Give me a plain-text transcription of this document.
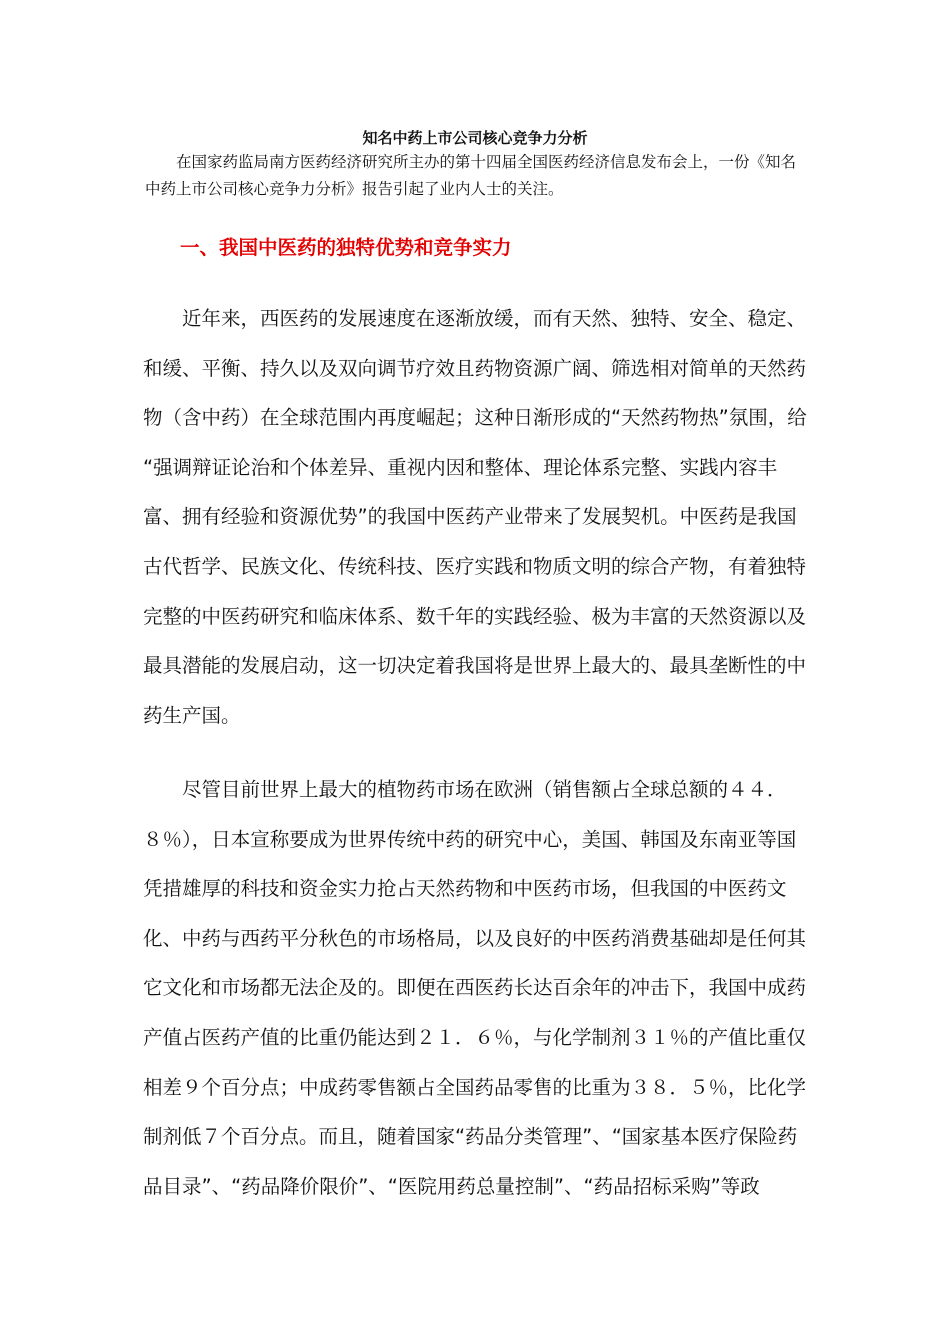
知名中药上市公司核心竞争力分析

在国家药监局南方医药经济研究所主办的第十四届全国医药经济信息发布会上，一份《知名中药上市公司核心竞争力分析》报告引起了业内人士的关注。

一、我国中医药的独特优势和竞争实力

近年来，西医药的发展速度在逐渐放缓，而有天然、独特、安全、稳定、和缓、平衡、持久以及双向调节疗效且药物资源广阔、筛选相对简单的天然药物（含中药）在全球范围内再度崛起；这种日渐形成的“天然药物热”氛围，给 “强调辩证论治和个体差异、重视内因和整体、理论体系完整、实践内容丰富、拥有经验和资源优势”的我国中医药产业带来了发展契机。中医药是我国古代哲学、民族文化、传统科技、医疗实践和物质文明的综合产物，有着独特完整的中医药研究和临床体系、数千年的实践经验、极为丰富的天然资源以及最具潜能的发展启动，这一切决定着我国将是世界上最大的、最具垄断性的中药生产国。

尽管目前世界上最大的植物药市场在欧洲（销售额占全球总额的４４．８％），日本宣称要成为世界传统中药的研究中心，美国、韩国及东南亚等国凭措雄厚的科技和资金实力抢占天然药物和中医药市场，但我国的中医药文化、中药与西药平分秋色的市场格局，以及良好的中医药消费基础却是任何其它文化和市场都无法企及的。即便在西医药长达百余年的冲击下，我国中成药产值占医药产值的比重仍能达到２１．６％，与化学制剂３１％的产值比重仅相差９个百分点；中成药零售额占全国药品零售的比重为３８．５％，比化学制剂低７个百分点。而且，随着国家“药品分类管理”、“国家基本医疗保险药品目录”、“药品降价限价”、“医院用药总量控制”、“药品招标采购”等政
